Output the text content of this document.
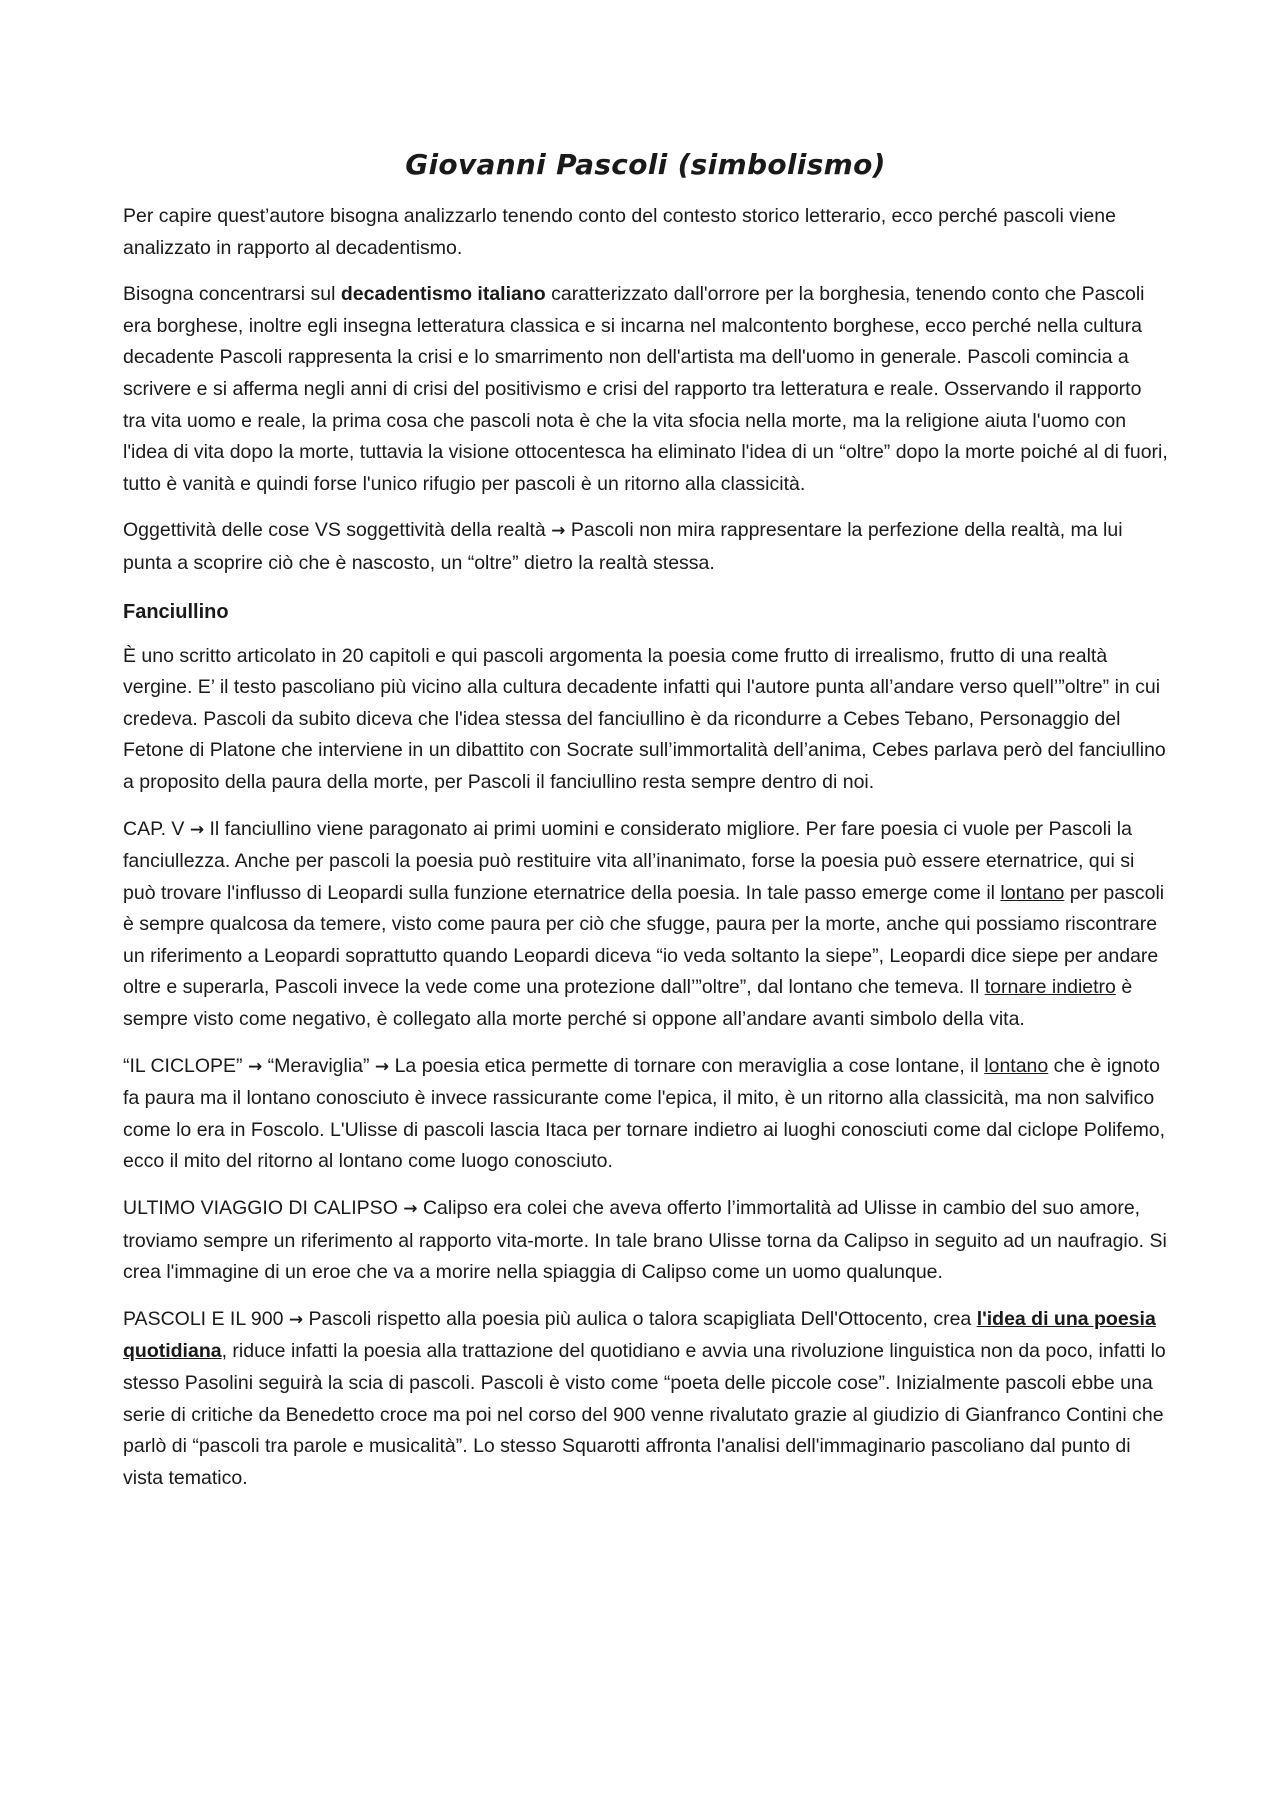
Giovanni Pascoli (simbolismo)

Per capire quest’autore bisogna analizzarlo tenendo conto del contesto storico letterario, ecco perché pascoli viene analizzato in rapporto al decadentismo.

Bisogna concentrarsi sul decadentismo italiano caratterizzato dall'orrore per la borghesia, tenendo conto che Pascoli era borghese, inoltre egli insegna letteratura classica e si incarna nel malcontento borghese, ecco perché nella cultura decadente Pascoli rappresenta la crisi e lo smarrimento non dell'artista ma dell'uomo in generale. Pascoli comincia a scrivere e si afferma negli anni di crisi del positivismo e crisi del rapporto tra letteratura e reale. Osservando il rapporto tra vita uomo e reale, la prima cosa che pascoli nota è che la vita sfocia nella morte, ma la religione aiuta l'uomo con l'idea di vita dopo la morte, tuttavia la visione ottocentesca ha eliminato l'idea di un “oltre” dopo la morte poiché al di fuori, tutto è vanità e quindi forse l'unico rifugio per pascoli è un ritorno alla classicità.

Oggettività delle cose VS soggettività della realtà → Pascoli non mira rappresentare la perfezione della realtà, ma lui punta a scoprire ciò che è nascosto, un “oltre” dietro la realtà stessa.

Fanciullino

È uno scritto articolato in 20 capitoli e qui pascoli argomenta la poesia come frutto di irrealismo, frutto di una realtà vergine. E’ il testo pascoliano più vicino alla cultura decadente infatti qui l'autore punta all’andare verso quell’”oltre” in cui credeva. Pascoli da subito diceva che l'idea stessa del fanciullino è da ricondurre a Cebes Tebano, Personaggio del Fetone di Platone che interviene in un dibattito con Socrate sull’immortalità dell’anima, Cebes parlava però del fanciullino a proposito della paura della morte, per Pascoli il fanciullino resta sempre dentro di noi.

CAP. V → Il fanciullino viene paragonato ai primi uomini e considerato migliore. Per fare poesia ci vuole per Pascoli la fanciullezza. Anche per pascoli la poesia può restituire vita all’inanimato, forse la poesia può essere eternatrice, qui si può trovare l'influsso di Leopardi sulla funzione eternatrice della poesia. In tale passo emerge come il lontano per pascoli è sempre qualcosa da temere, visto come paura per ciò che sfugge, paura per la morte, anche qui possiamo riscontrare un riferimento a Leopardi soprattutto quando Leopardi diceva “io veda soltanto la siepe”, Leopardi dice siepe per andare oltre e superarla, Pascoli invece la vede come una protezione dall’”oltre”, dal lontano che temeva. Il tornare indietro è sempre visto come negativo, è collegato alla morte perché si oppone all’andare avanti simbolo della vita.

“IL CICLOPE” → “Meraviglia” → La poesia etica permette di tornare con meraviglia a cose lontane, il lontano che è ignoto fa paura ma il lontano conosciuto è invece rassicurante come l'epica, il mito, è un ritorno alla classicità, ma non salvifico come lo era in Foscolo. L'Ulisse di pascoli lascia Itaca per tornare indietro ai luoghi conosciuti come dal ciclope Polifemo, ecco il mito del ritorno al lontano come luogo conosciuto.

ULTIMO VIAGGIO DI CALIPSO → Calipso era colei che aveva offerto l’immortalità ad Ulisse in cambio del suo amore, troviamo sempre un riferimento al rapporto vita-morte. In tale brano Ulisse torna da Calipso in seguito ad un naufragio. Si crea l'immagine di un eroe che va a morire nella spiaggia di Calipso come un uomo qualunque.

PASCOLI E IL 900 → Pascoli rispetto alla poesia più aulica o talora scapigliata Dell'Ottocento, crea l'idea di una poesia quotidiana, riduce infatti la poesia alla trattazione del quotidiano e avvia una rivoluzione linguistica non da poco, infatti lo stesso Pasolini seguirà la scia di pascoli. Pascoli è visto come “poeta delle piccole cose”. Inizialmente pascoli ebbe una serie di critiche da Benedetto croce ma poi nel corso del 900 venne rivalutato grazie al giudizio di Gianfranco Contini che parlò di “pascoli tra parole e musicalità”. Lo stesso Squarotti affronta l'analisi dell'immaginario pascoliano dal punto di vista tematico.
